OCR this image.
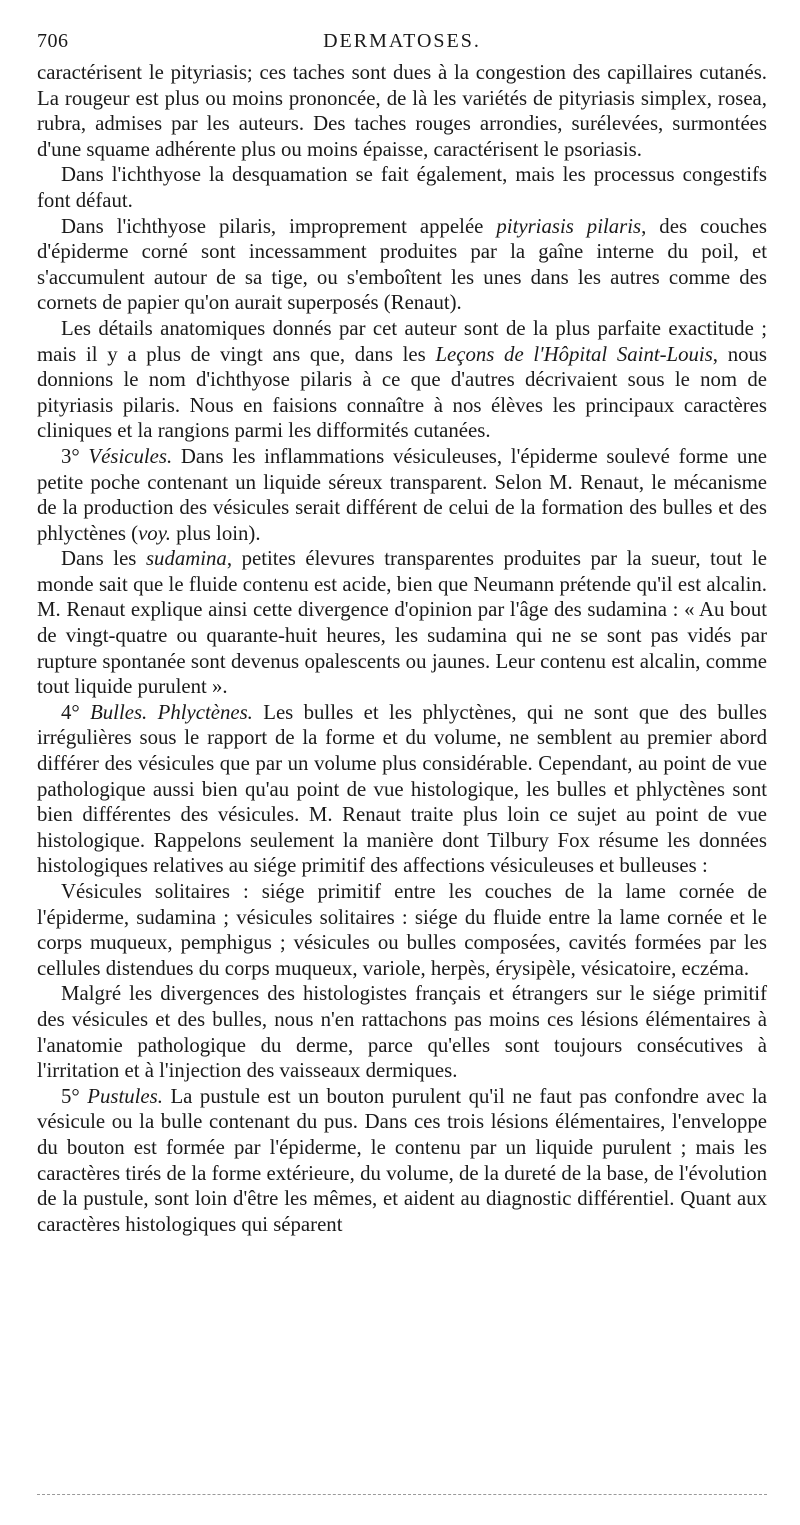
706	DERMATOSES.

caractérisent le pityriasis; ces taches sont dues à la congestion des capillaires cutanés. La rougeur est plus ou moins prononcée, de là les variétés de pityriasis simplex, rosea, rubra, admises par les auteurs. Des taches rouges arrondies, surélevées, surmontées d'une squame adhérente plus ou moins épaisse, caractérisent le psoriasis.

Dans l'ichthyose la desquamation se fait également, mais les processus congestifs font défaut.

Dans l'ichthyose pilaris, improprement appelée pityriasis pilaris, des couches d'épiderme corné sont incessamment produites par la gaîne interne du poil, et s'accumulent autour de sa tige, ou s'emboîtent les unes dans les autres comme des cornets de papier qu'on aurait superposés (Renaut).

Les détails anatomiques donnés par cet auteur sont de la plus parfaite exactitude ; mais il y a plus de vingt ans que, dans les Leçons de l'Hôpital Saint-Louis, nous donnions le nom d'ichthyose pilaris à ce que d'autres décrivaient sous le nom de pityriasis pilaris. Nous en faisions connaître à nos élèves les principaux caractères cliniques et la rangions parmi les difformités cutanées.

3° Vésicules. Dans les inflammations vésiculeuses, l'épiderme soulevé forme une petite poche contenant un liquide séreux transparent. Selon M. Renaut, le mécanisme de la production des vésicules serait différent de celui de la formation des bulles et des phlyctènes (voy. plus loin).

Dans les sudamina, petites élevures transparentes produites par la sueur, tout le monde sait que le fluide contenu est acide, bien que Neumann prétende qu'il est alcalin. M. Renaut explique ainsi cette divergence d'opinion par l'âge des sudamina : « Au bout de vingt-quatre ou quarante-huit heures, les sudamina qui ne se sont pas vidés par rupture spontanée sont devenus opalescents ou jaunes. Leur contenu est alcalin, comme tout liquide purulent ».

4° Bulles. Phlyctènes. Les bulles et les phlyctènes, qui ne sont que des bulles irrégulières sous le rapport de la forme et du volume, ne semblent au premier abord différer des vésicules que par un volume plus considérable. Cependant, au point de vue pathologique aussi bien qu'au point de vue histologique, les bulles et phlyctènes sont bien différentes des vésicules. M. Renaut traite plus loin ce sujet au point de vue histologique. Rappelons seulement la manière dont Tilbury Fox résume les données histologiques relatives au siége primitif des affections vésiculeuses et bulleuses :

Vésicules solitaires : siége primitif entre les couches de la lame cornée de l'épiderme, sudamina ; vésicules solitaires : siége du fluide entre la lame cornée et le corps muqueux, pemphigus ; vésicules ou bulles composées, cavités formées par les cellules distendues du corps muqueux, variole, herpès, érysipèle, vésicatoire, eczéma.

Malgré les divergences des histologistes français et étrangers sur le siége primitif des vésicules et des bulles, nous n'en rattachons pas moins ces lésions élémentaires à l'anatomie pathologique du derme, parce qu'elles sont toujours consécutives à l'irritation et à l'injection des vaisseaux dermiques.

5° Pustules. La pustule est un bouton purulent qu'il ne faut pas confondre avec la vésicule ou la bulle contenant du pus. Dans ces trois lésions élémentaires, l'enveloppe du bouton est formée par l'épiderme, le contenu par un liquide purulent ; mais les caractères tirés de la forme extérieure, du volume, de la dureté de la base, de l'évolution de la pustule, sont loin d'être les mêmes, et aident au diagnostic différentiel. Quant aux caractères histologiques qui séparent
